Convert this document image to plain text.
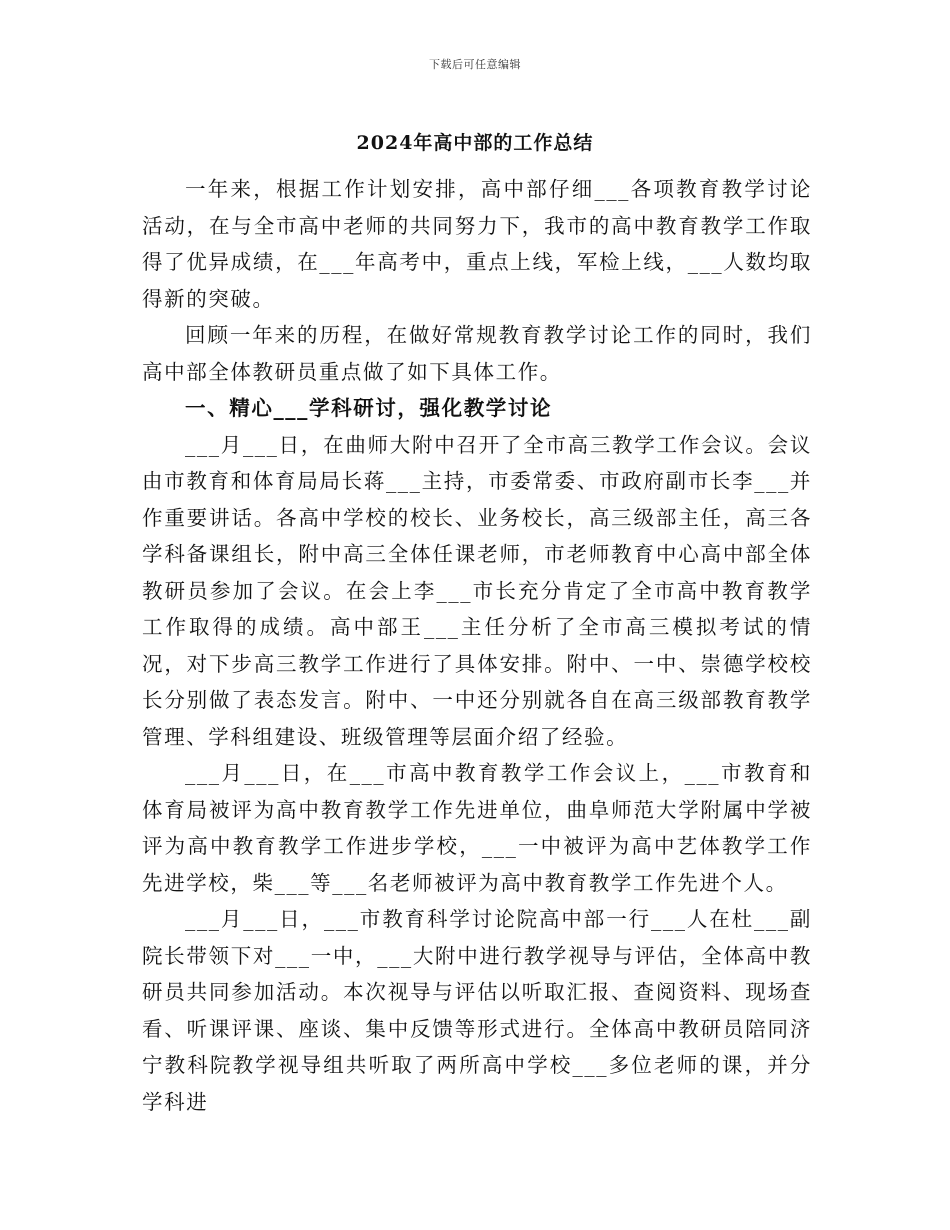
下载后可任意编辑
2024年高中部的工作总结

一年来，根据工作计划安排，高中部仔细___各项教育教学讨论活动，在与全市高中老师的共同努力下，我市的高中教育教学工作取得了优异成绩，在___年高考中，重点上线，军检上线，___人数均取得新的突破。

回顾一年来的历程，在做好常规教育教学讨论工作的同时，我们高中部全体教研员重点做了如下具体工作。

一、精心___学科研讨，强化教学讨论

___月___日，在曲师大附中召开了全市高三教学工作会议。会议由市教育和体育局局长蒋___主持，市委常委、市政府副市长李___并作重要讲话。各高中学校的校长、业务校长，高三级部主任，高三各学科备课组长，附中高三全体任课老师，市老师教育中心高中部全体教研员参加了会议。在会上李___市长充分肯定了全市高中教育教学工作取得的成绩。高中部王___主任分析了全市高三模拟考试的情况，对下步高三教学工作进行了具体安排。附中、一中、崇德学校校长分别做了表态发言。附中、一中还分别就各自在高三级部教育教学管理、学科组建设、班级管理等层面介绍了经验。

___月___日，在___市高中教育教学工作会议上，___市教育和体育局被评为高中教育教学工作先进单位，曲阜师范大学附属中学被评为高中教育教学工作进步学校，___一中被评为高中艺体教学工作先进学校，柴___等___名老师被评为高中教育教学工作先进个人。

___月___日，___市教育科学讨论院高中部一行___人在杜___副院长带领下对___一中，___大附中进行教学视导与评估，全体高中教研员共同参加活动。本次视导与评估以听取汇报、查阅资料、现场查看、听课评课、座谈、集中反馈等形式进行。全体高中教研员陪同济宁教科院教学视导组共听取了两所高中学校___多位老师的课，并分学科进
